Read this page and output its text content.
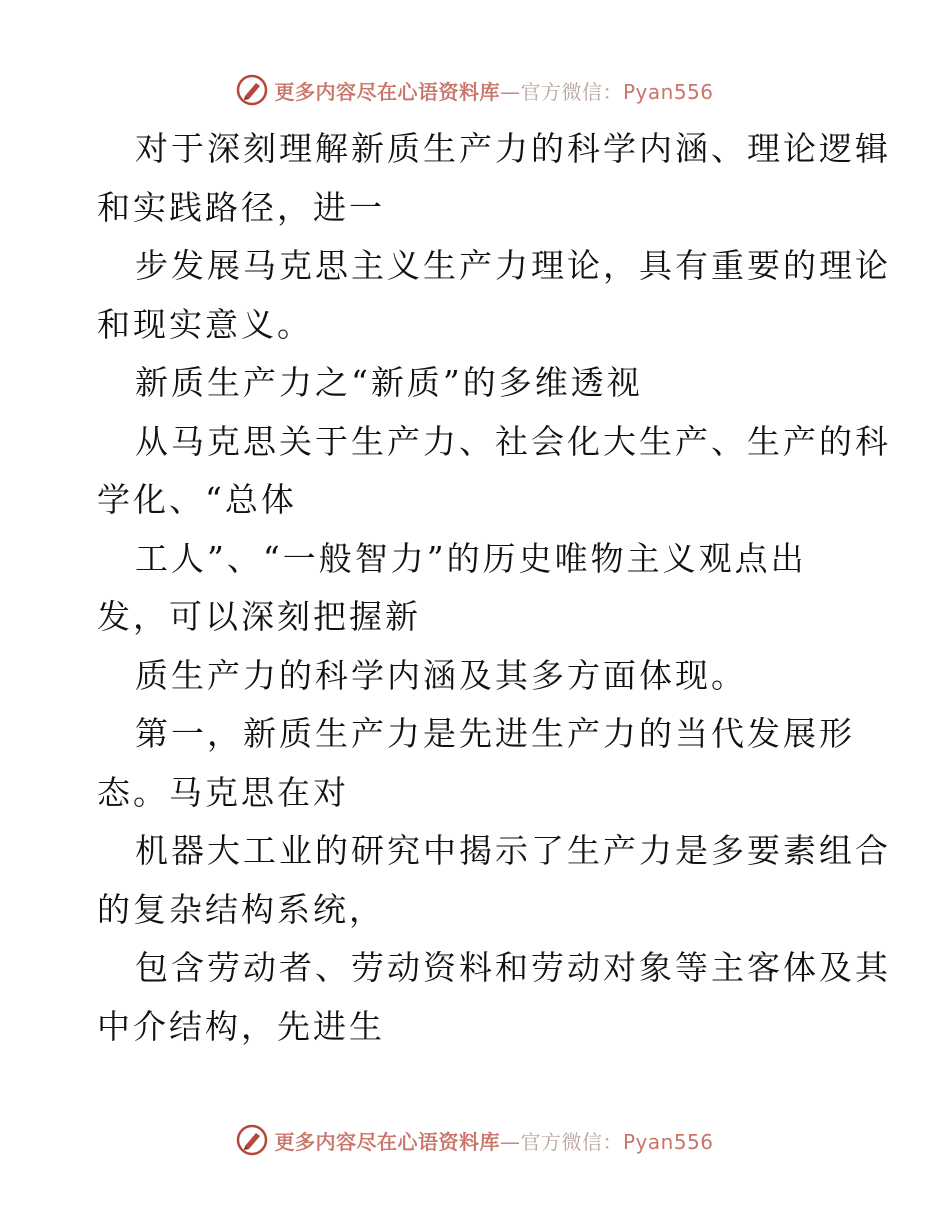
更多内容尽在心语资料库—官方微信：Pyan556
对于深刻理解新质生产力的科学内涵、理论逻辑
和实践路径，进一
步发展马克思主义生产力理论，具有重要的理论
和现实意义。
新质生产力之“新质”的多维透视
从马克思关于生产力、社会化大生产、生产的科
学化、“总体
工人”、“一般智力”的历史唯物主义观点出
发，可以深刻把握新
质生产力的科学内涵及其多方面体现。
第一，新质生产力是先进生产力的当代发展形
态。马克思在对
机器大工业的研究中揭示了生产力是多要素组合
的复杂结构系统，
包含劳动者、劳动资料和劳动对象等主客体及其
中介结构，先进生
更多内容尽在心语资料库—官方微信：Pyan556
